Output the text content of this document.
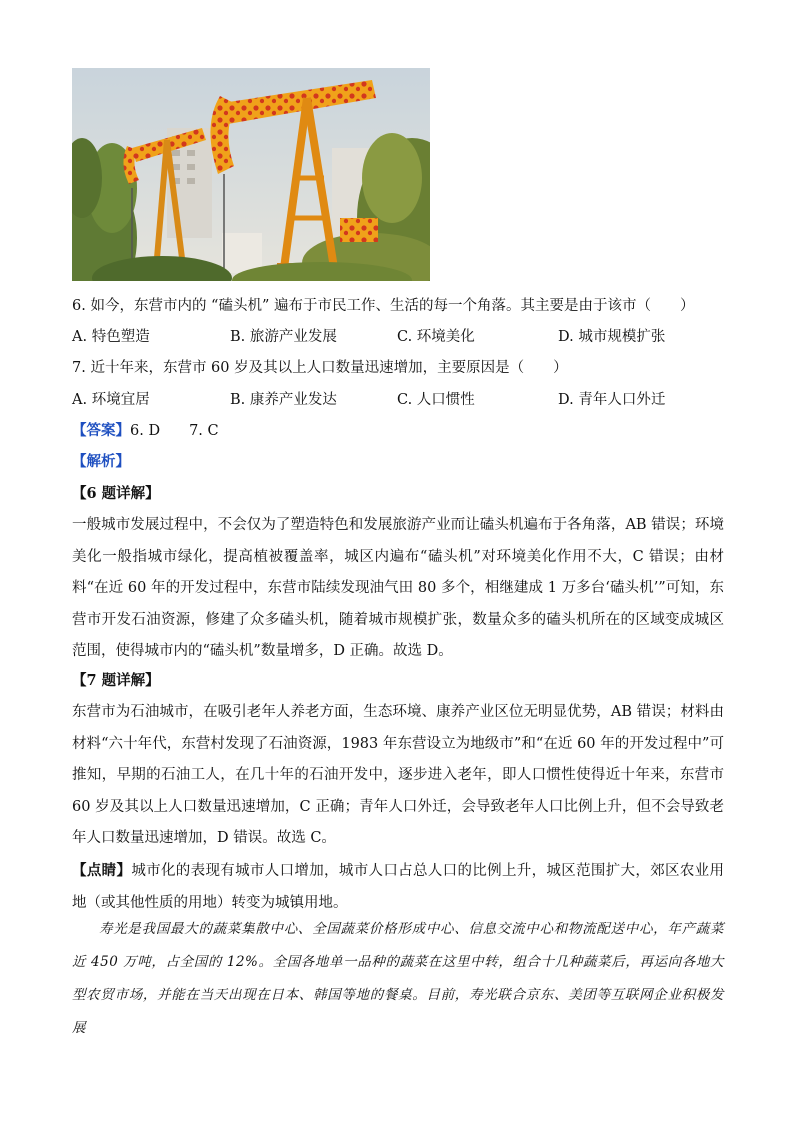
6. 如今，东营市内的 “磕头机” 遍布于市民工作、生活的每一个角落。其主要是由于该市（　　）
A. 特色塑造	B. 旅游产业发展	C. 环境美化	D. 城市规模扩张
7. 近十年来，东营市 60 岁及其以上人口数量迅速增加，主要原因是（　　）
A. 环境宜居	B. 康养产业发达	C. 人口惯性	D. 青年人口外迁
【答案】6. D　　7. C
【解析】
【6 题详解】

一般城市发展过程中，不会仅为了塑造特色和发展旅游产业而让磕头机遍布于各角落，AB 错误；环境美化一般指城市绿化，提高植被覆盖率，城区内遍布“磕头机”对环境美化作用不大，C 错误；由材料“在近 60 年的开发过程中，东营市陆续发现油气田 80 多个，相继建成 1 万多台‘磕头机’”可知，东营市开发石油资源，修建了众多磕头机，随着城市规模扩张，数量众多的磕头机所在的区域变成城区范围，使得城市内的“磕头机”数量增多，D 正确。故选 D。

【7 题详解】

东营市为石油城市，在吸引老年人养老方面，生态环境、康养产业区位无明显优势，AB 错误；材料由材料“六十年代，东营村发现了石油资源，1983 年东营设立为地级市”和“在近 60 年的开发过程中”可推知，早期的石油工人，在几十年的石油开发中，逐步进入老年，即人口惯性使得近十年来，东营市 60 岁及其以上人口数量迅速增加，C 正确；青年人口外迁，会导致老年人口比例上升，但不会导致老年人口数量迅速增加，D 错误。故选 C。

【点睛】城市化的表现有城市人口增加，城市人口占总人口的比例上升，城区范围扩大，郊区农业用地（或其他性质的用地）转变为城镇用地。

寿光是我国最大的蔬菜集散中心、全国蔬菜价格形成中心、信息交流中心和物流配送中心，年产蔬菜近 450 万吨，占全国的 12%。全国各地单一品种的蔬菜在这里中转，组合十几种蔬菜后，再运向各地大型农贸市场，并能在当天出现在日本、韩国等地的餐桌。目前，寿光联合京东、美团等互联网企业积极发展
